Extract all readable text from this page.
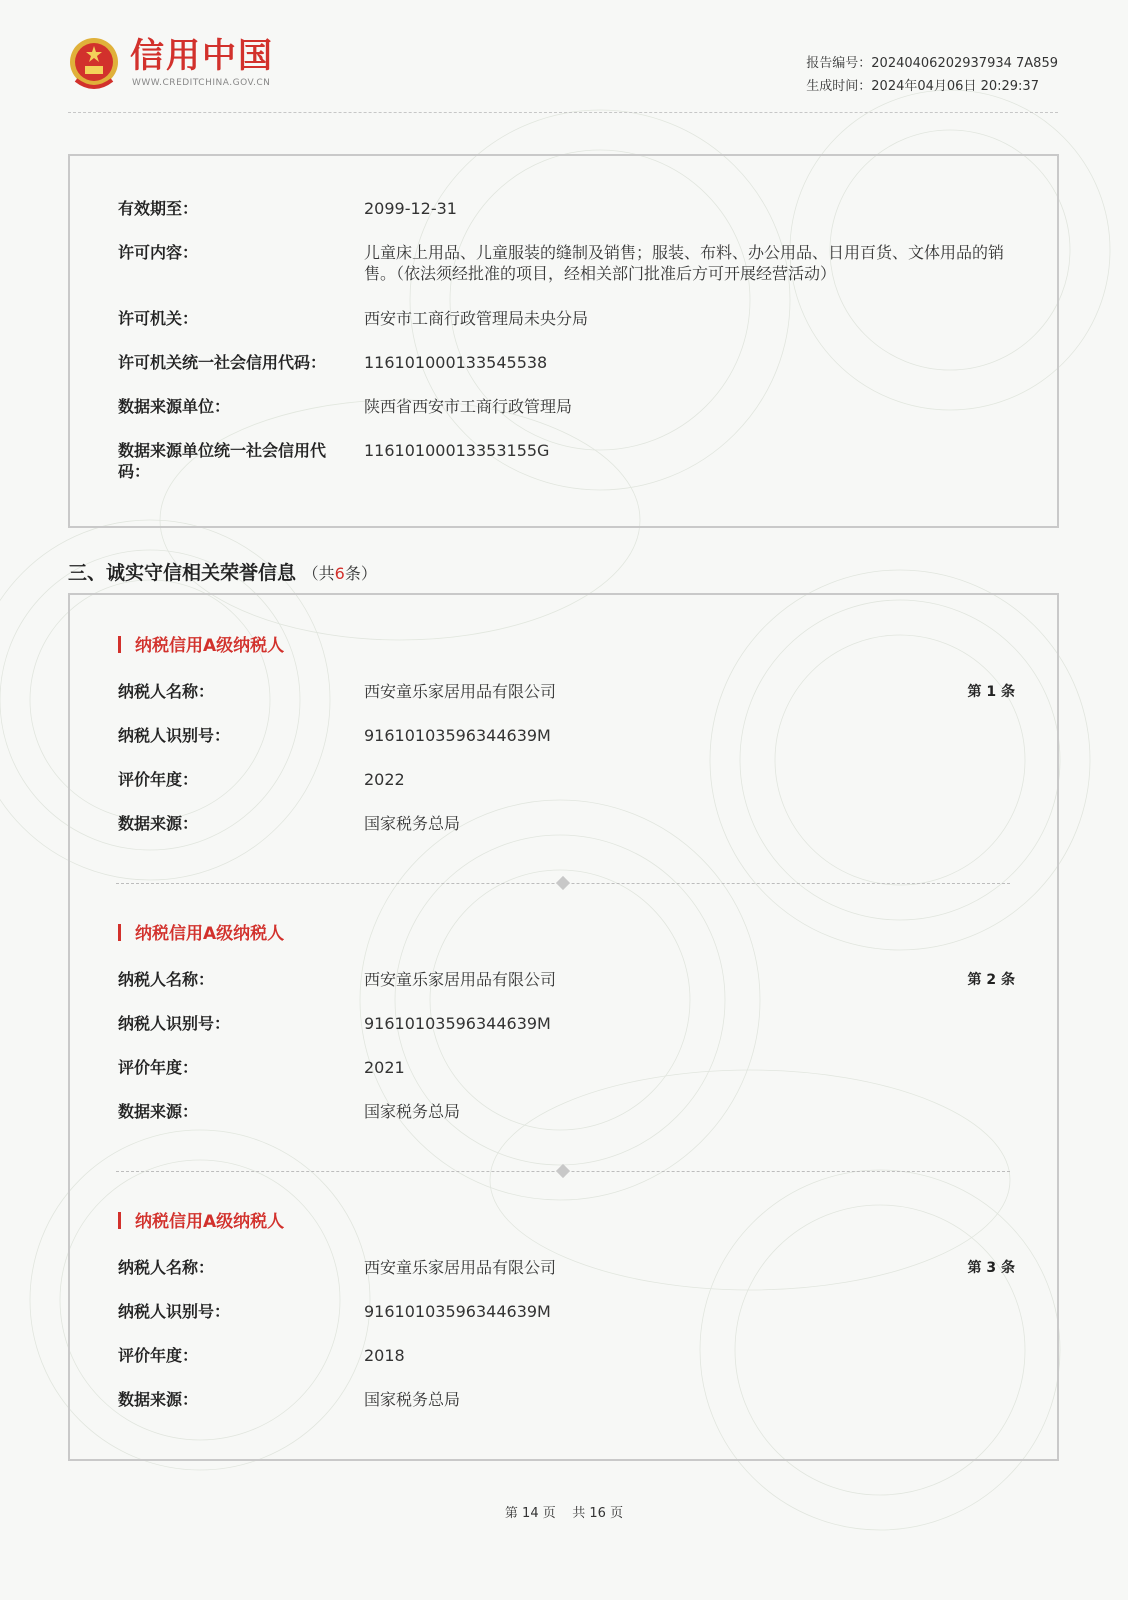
信用中国
WWW.CREDITCHINA.GOV.CN
报告编号：20240406202937934 7A859
生成时间：2024年04月06日 20:29:37
有效期至：	2099-12-31
许可内容：	儿童床上用品、儿童服装的缝制及销售；服装、布料、办公用品、日用百货、文体用品的销售。（依法须经批准的项目，经相关部门批准后方可开展经营活动）
许可机关：	西安市工商行政管理局未央分局
许可机关统一社会信用代码：	116101000133545538
数据来源单位：	陕西省西安市工商行政管理局
数据来源单位统一社会信用代码：
11610100013353155G
三、诚实守信相关荣誉信息 （共6条）
纳税信用A级纳税人
第 1 条
纳税人名称：	西安童乐家居用品有限公司
纳税人识别号：	91610103596344639M
评价年度：	2022
数据来源：	国家税务总局
纳税信用A级纳税人
第 2 条
纳税人名称：	西安童乐家居用品有限公司
纳税人识别号：	91610103596344639M
评价年度：	2021
数据来源：	国家税务总局
纳税信用A级纳税人
第 3 条
纳税人名称：	西安童乐家居用品有限公司
纳税人识别号：	91610103596344639M
评价年度：	2018
数据来源：	国家税务总局
第 14 页    共 16 页
